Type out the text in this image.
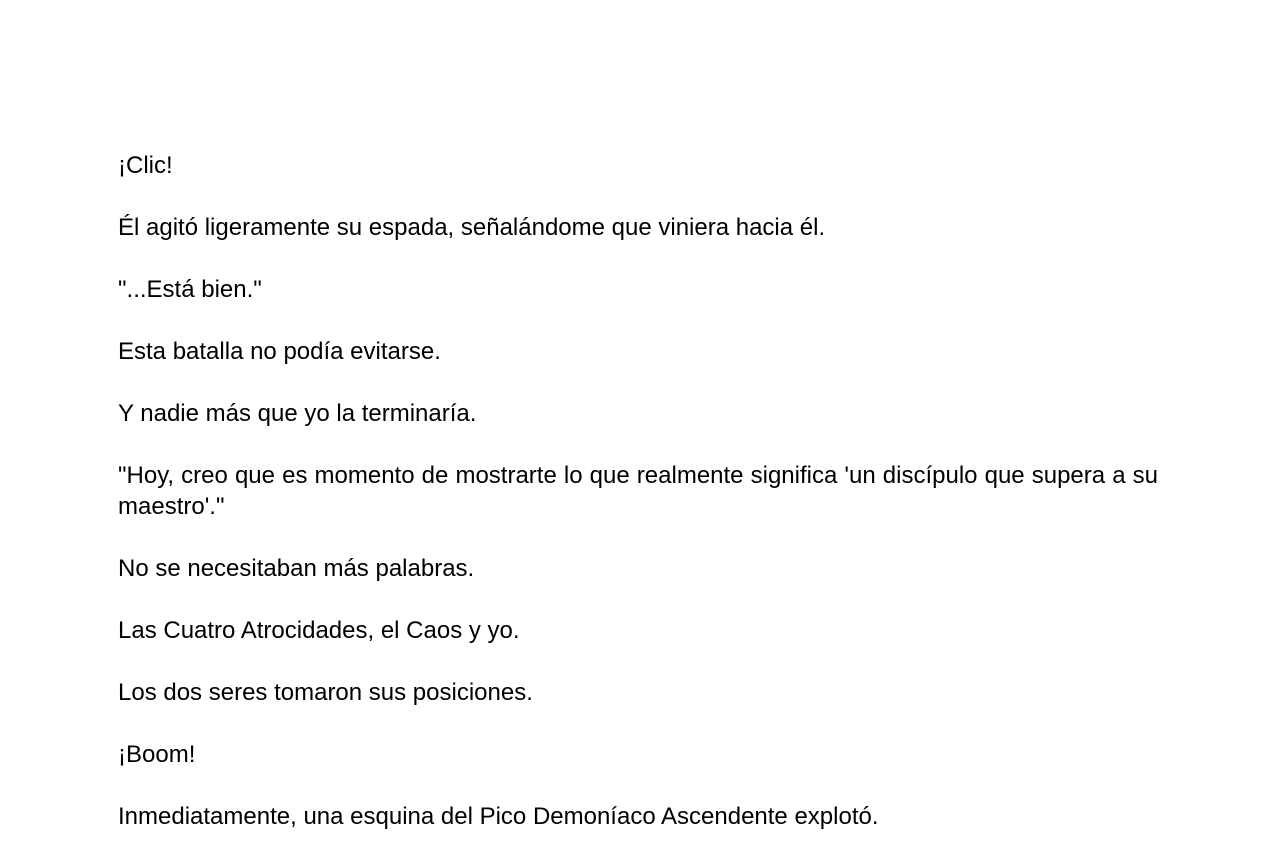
¡Clic!

Él agitó ligeramente su espada, señalándome que viniera hacia él.

"...Está bien."

Esta batalla no podía evitarse.

Y nadie más que yo la terminaría.

"Hoy, creo que es momento de mostrarte lo que realmente significa 'un discípulo que supera a su maestro'."

No se necesitaban más palabras.

Las Cuatro Atrocidades, el Caos y yo.

Los dos seres tomaron sus posiciones.

¡Boom!

Inmediatamente, una esquina del Pico Demoníaco Ascendente explotó.
